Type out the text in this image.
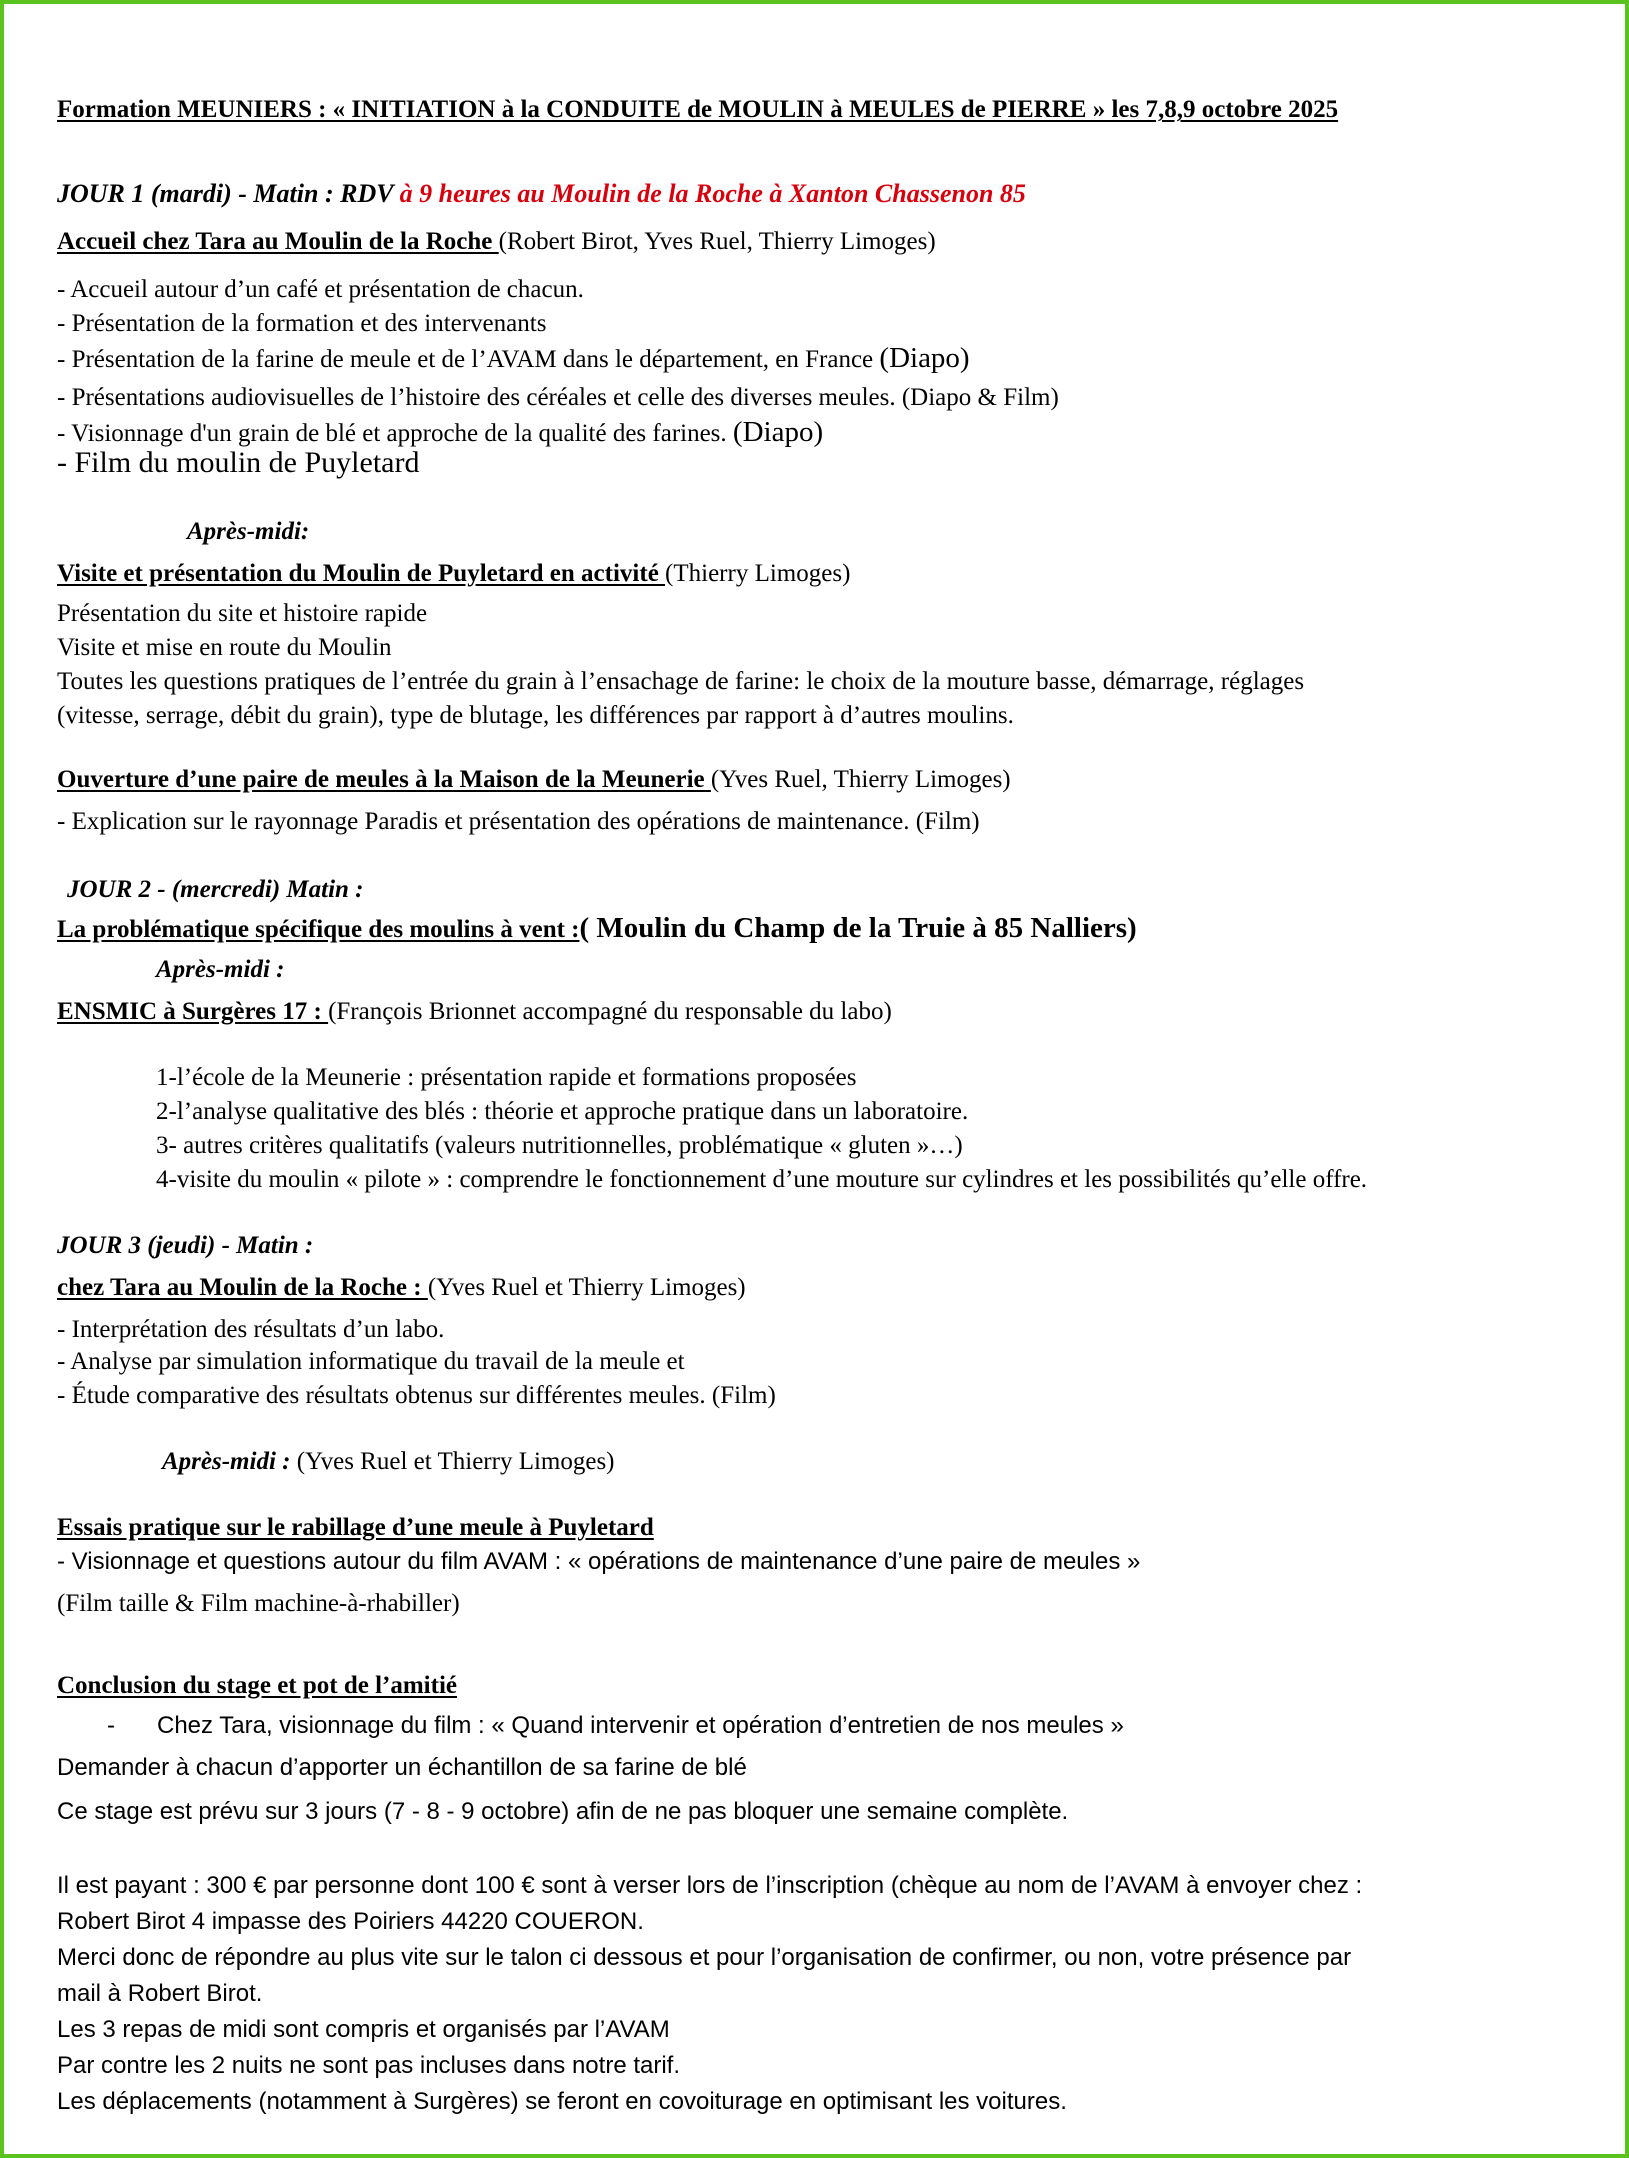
Formation MEUNIERS : « INITIATION à la CONDUITE de MOULIN à MEULES de PIERRE » les 7,8,9 octobre 2025
JOUR 1 (mardi) - Matin : RDV à 9 heures au Moulin de la Roche à Xanton Chassenon 85
Accueil chez Tara au Moulin de la Roche (Robert Birot, Yves Ruel, Thierry Limoges)
- Accueil autour d’un café et présentation de chacun.
- Présentation de la formation et des intervenants
- Présentation de la farine de meule et de l’AVAM dans le département, en France (Diapo)
- Présentations audiovisuelles de l’histoire des céréales et celle des diverses meules. (Diapo & Film)
- Visionnage d'un grain de blé et approche de la qualité des farines. (Diapo)
- Film du moulin de Puyletard
Après-midi:
Visite et présentation du Moulin de Puyletard en activité (Thierry Limoges)
Présentation du site et histoire rapide
Visite et mise en route du Moulin
Toutes les questions pratiques de l’entrée du grain à l’ensachage de farine: le choix de la mouture basse, démarrage, réglages
(vitesse, serrage, débit du grain), type de blutage, les différences par rapport à d’autres moulins.
Ouverture d’une paire de meules à la Maison de la Meunerie (Yves Ruel, Thierry Limoges)
- Explication sur le rayonnage Paradis et présentation des opérations de maintenance. (Film)
JOUR 2 - (mercredi) Matin :
La problématique spécifique des moulins à vent :( Moulin du Champ de la Truie à 85 Nalliers)
Après-midi :
ENSMIC à Surgères 17 : (François Brionnet accompagné du responsable du labo)
1-l’école de la Meunerie : présentation rapide et formations proposées
2-l’analyse qualitative des blés : théorie et approche pratique dans un laboratoire.
3- autres critères qualitatifs (valeurs nutritionnelles, problématique « gluten »…)
4-visite du moulin « pilote » : comprendre le fonctionnement d’une mouture sur cylindres et les possibilités qu’elle offre.
JOUR 3 (jeudi) - Matin :
chez Tara au Moulin de la Roche : (Yves Ruel et Thierry Limoges)
- Interprétation des résultats d’un labo.
- Analyse par simulation informatique du travail de la meule et
- Étude comparative des résultats obtenus sur différentes meules. (Film)
Après-midi : (Yves Ruel et Thierry Limoges)
Essais pratique sur le rabillage d’une meule à Puyletard
- Visionnage et questions autour du film AVAM : « opérations de maintenance d’une paire de meules »
(Film taille & Film machine-à-rhabiller)
Conclusion du stage et pot de l’amitié
- Chez Tara, visionnage du film : « Quand intervenir et opération d’entretien de nos meules »
Demander à chacun d’apporter un échantillon de sa farine de blé
Ce stage est prévu sur 3 jours (7 - 8 - 9 octobre) afin de ne pas bloquer une semaine complète.
Il est payant : 300 € par personne dont 100 € sont à verser lors de l’inscription (chèque au nom de l’AVAM à envoyer chez :
Robert Birot 4 impasse des Poiriers 44220 COUERON.
Merci donc de répondre au plus vite sur le talon ci dessous et pour l’organisation de confirmer, ou non, votre présence par
mail à Robert Birot.
Les 3 repas de midi sont compris et organisés par l’AVAM
Par contre les 2 nuits ne sont pas incluses dans notre tarif.
Les déplacements (notamment à Surgères) se feront en covoiturage en optimisant les voitures.
